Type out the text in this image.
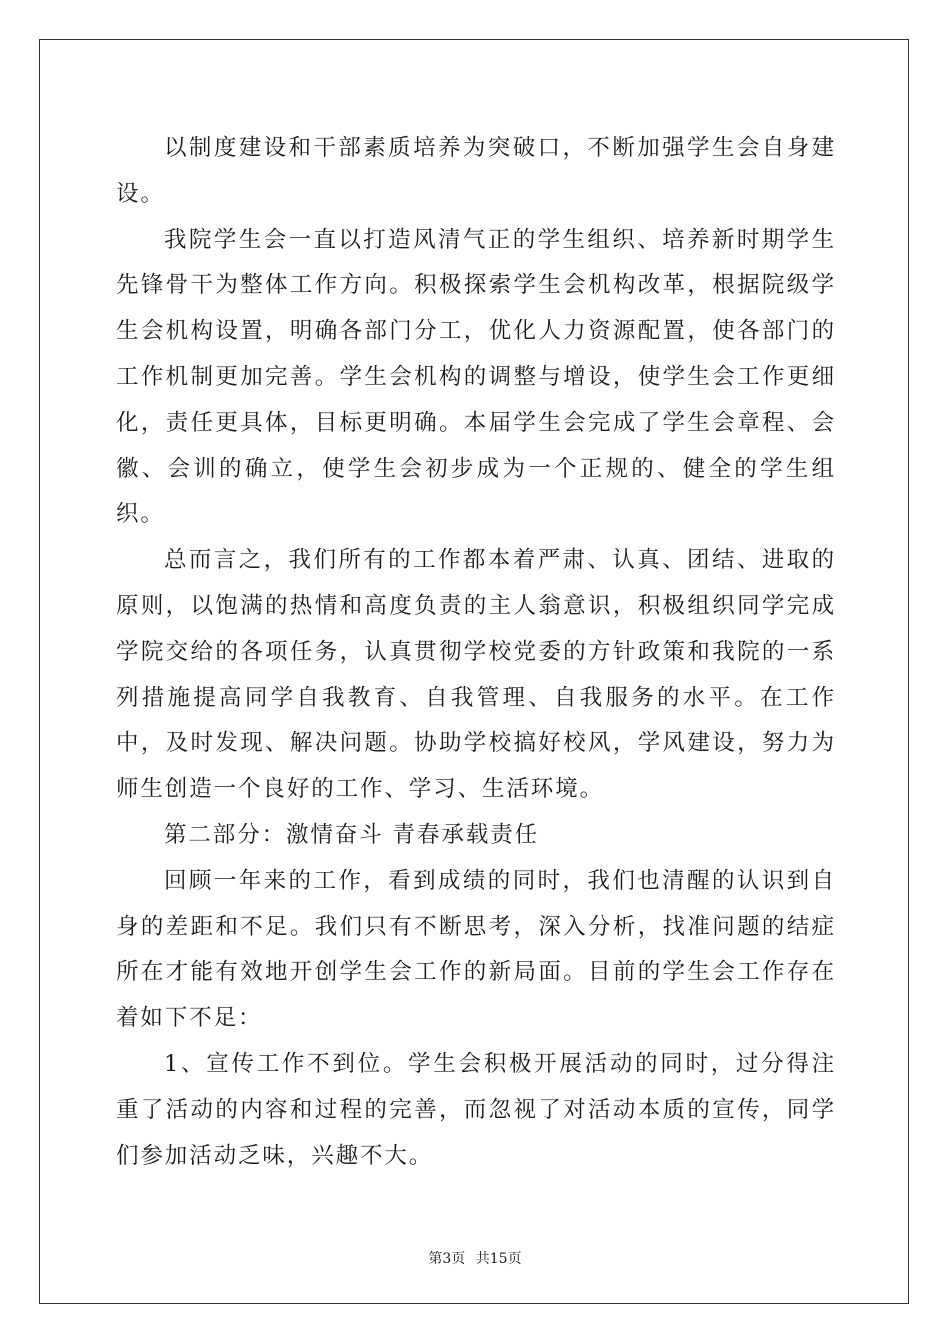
以制度建设和干部素质培养为突破口，不断加强学生会自身建设。

我院学生会一直以打造风清气正的学生组织、培养新时期学生先锋骨干为整体工作方向。积极探索学生会机构改革，根据院级学生会机构设置，明确各部门分工，优化人力资源配置，使各部门的工作机制更加完善。学生会机构的调整与增设，使学生会工作更细化，责任更具体，目标更明确。本届学生会完成了学生会章程、会徽、会训的确立，使学生会初步成为一个正规的、健全的学生组织。

总而言之，我们所有的工作都本着严肃、认真、团结、进取的原则，以饱满的热情和高度负责的主人翁意识，积极组织同学完成学院交给的各项任务，认真贯彻学校党委的方针政策和我院的一系列措施提高同学自我教育、自我管理、自我服务的水平。在工作中，及时发现、解决问题。协助学校搞好校风，学风建设，努力为师生创造一个良好的工作、学习、生活环境。

第二部分：激情奋斗 青春承载责任

回顾一年来的工作，看到成绩的同时，我们也清醒的认识到自身的差距和不足。我们只有不断思考，深入分析，找准问题的结症所在才能有效地开创学生会工作的新局面。目前的学生会工作存在着如下不足：

1、宣传工作不到位。学生会积极开展活动的同时，过分得注重了活动的内容和过程的完善，而忽视了对活动本质的宣传，同学们参加活动乏味，兴趣不大。

第3页 共15页
